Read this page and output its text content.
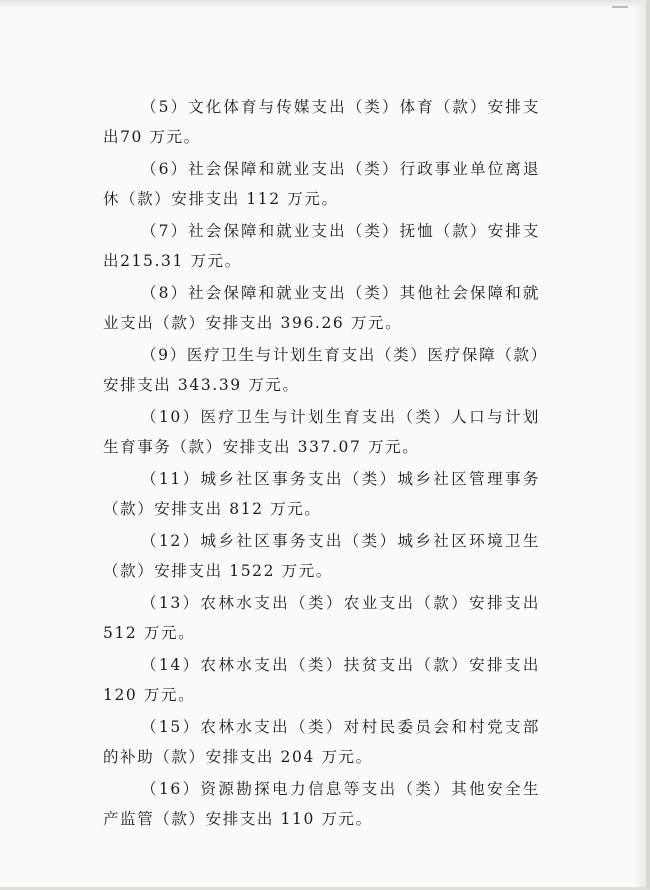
（5）文化体育与传媒支出（类）体育（款）安排支出70 万元。

（6）社会保障和就业支出（类）行政事业单位离退休（款）安排支出 112 万元。

（7）社会保障和就业支出（类）抚恤（款）安排支出215.31 万元。

（8）社会保障和就业支出（类）其他社会保障和就业支出（款）安排支出 396.26 万元。

（9）医疗卫生与计划生育支出（类）医疗保障（款）安排支出 343.39 万元。

（10）医疗卫生与计划生育支出（类）人口与计划生育事务（款）安排支出 337.07 万元。

（11）城乡社区事务支出（类）城乡社区管理事务（款）安排支出 812 万元。

（12）城乡社区事务支出（类）城乡社区环境卫生（款）安排支出 1522 万元。

（13）农林水支出（类）农业支出（款）安排支出 512 万元。

（14）农林水支出（类）扶贫支出（款）安排支出 120 万元。

（15）农林水支出（类）对村民委员会和村党支部的补助（款）安排支出 204 万元。

（16）资源勘探电力信息等支出（类）其他安全生产监管（款）安排支出 110 万元。
